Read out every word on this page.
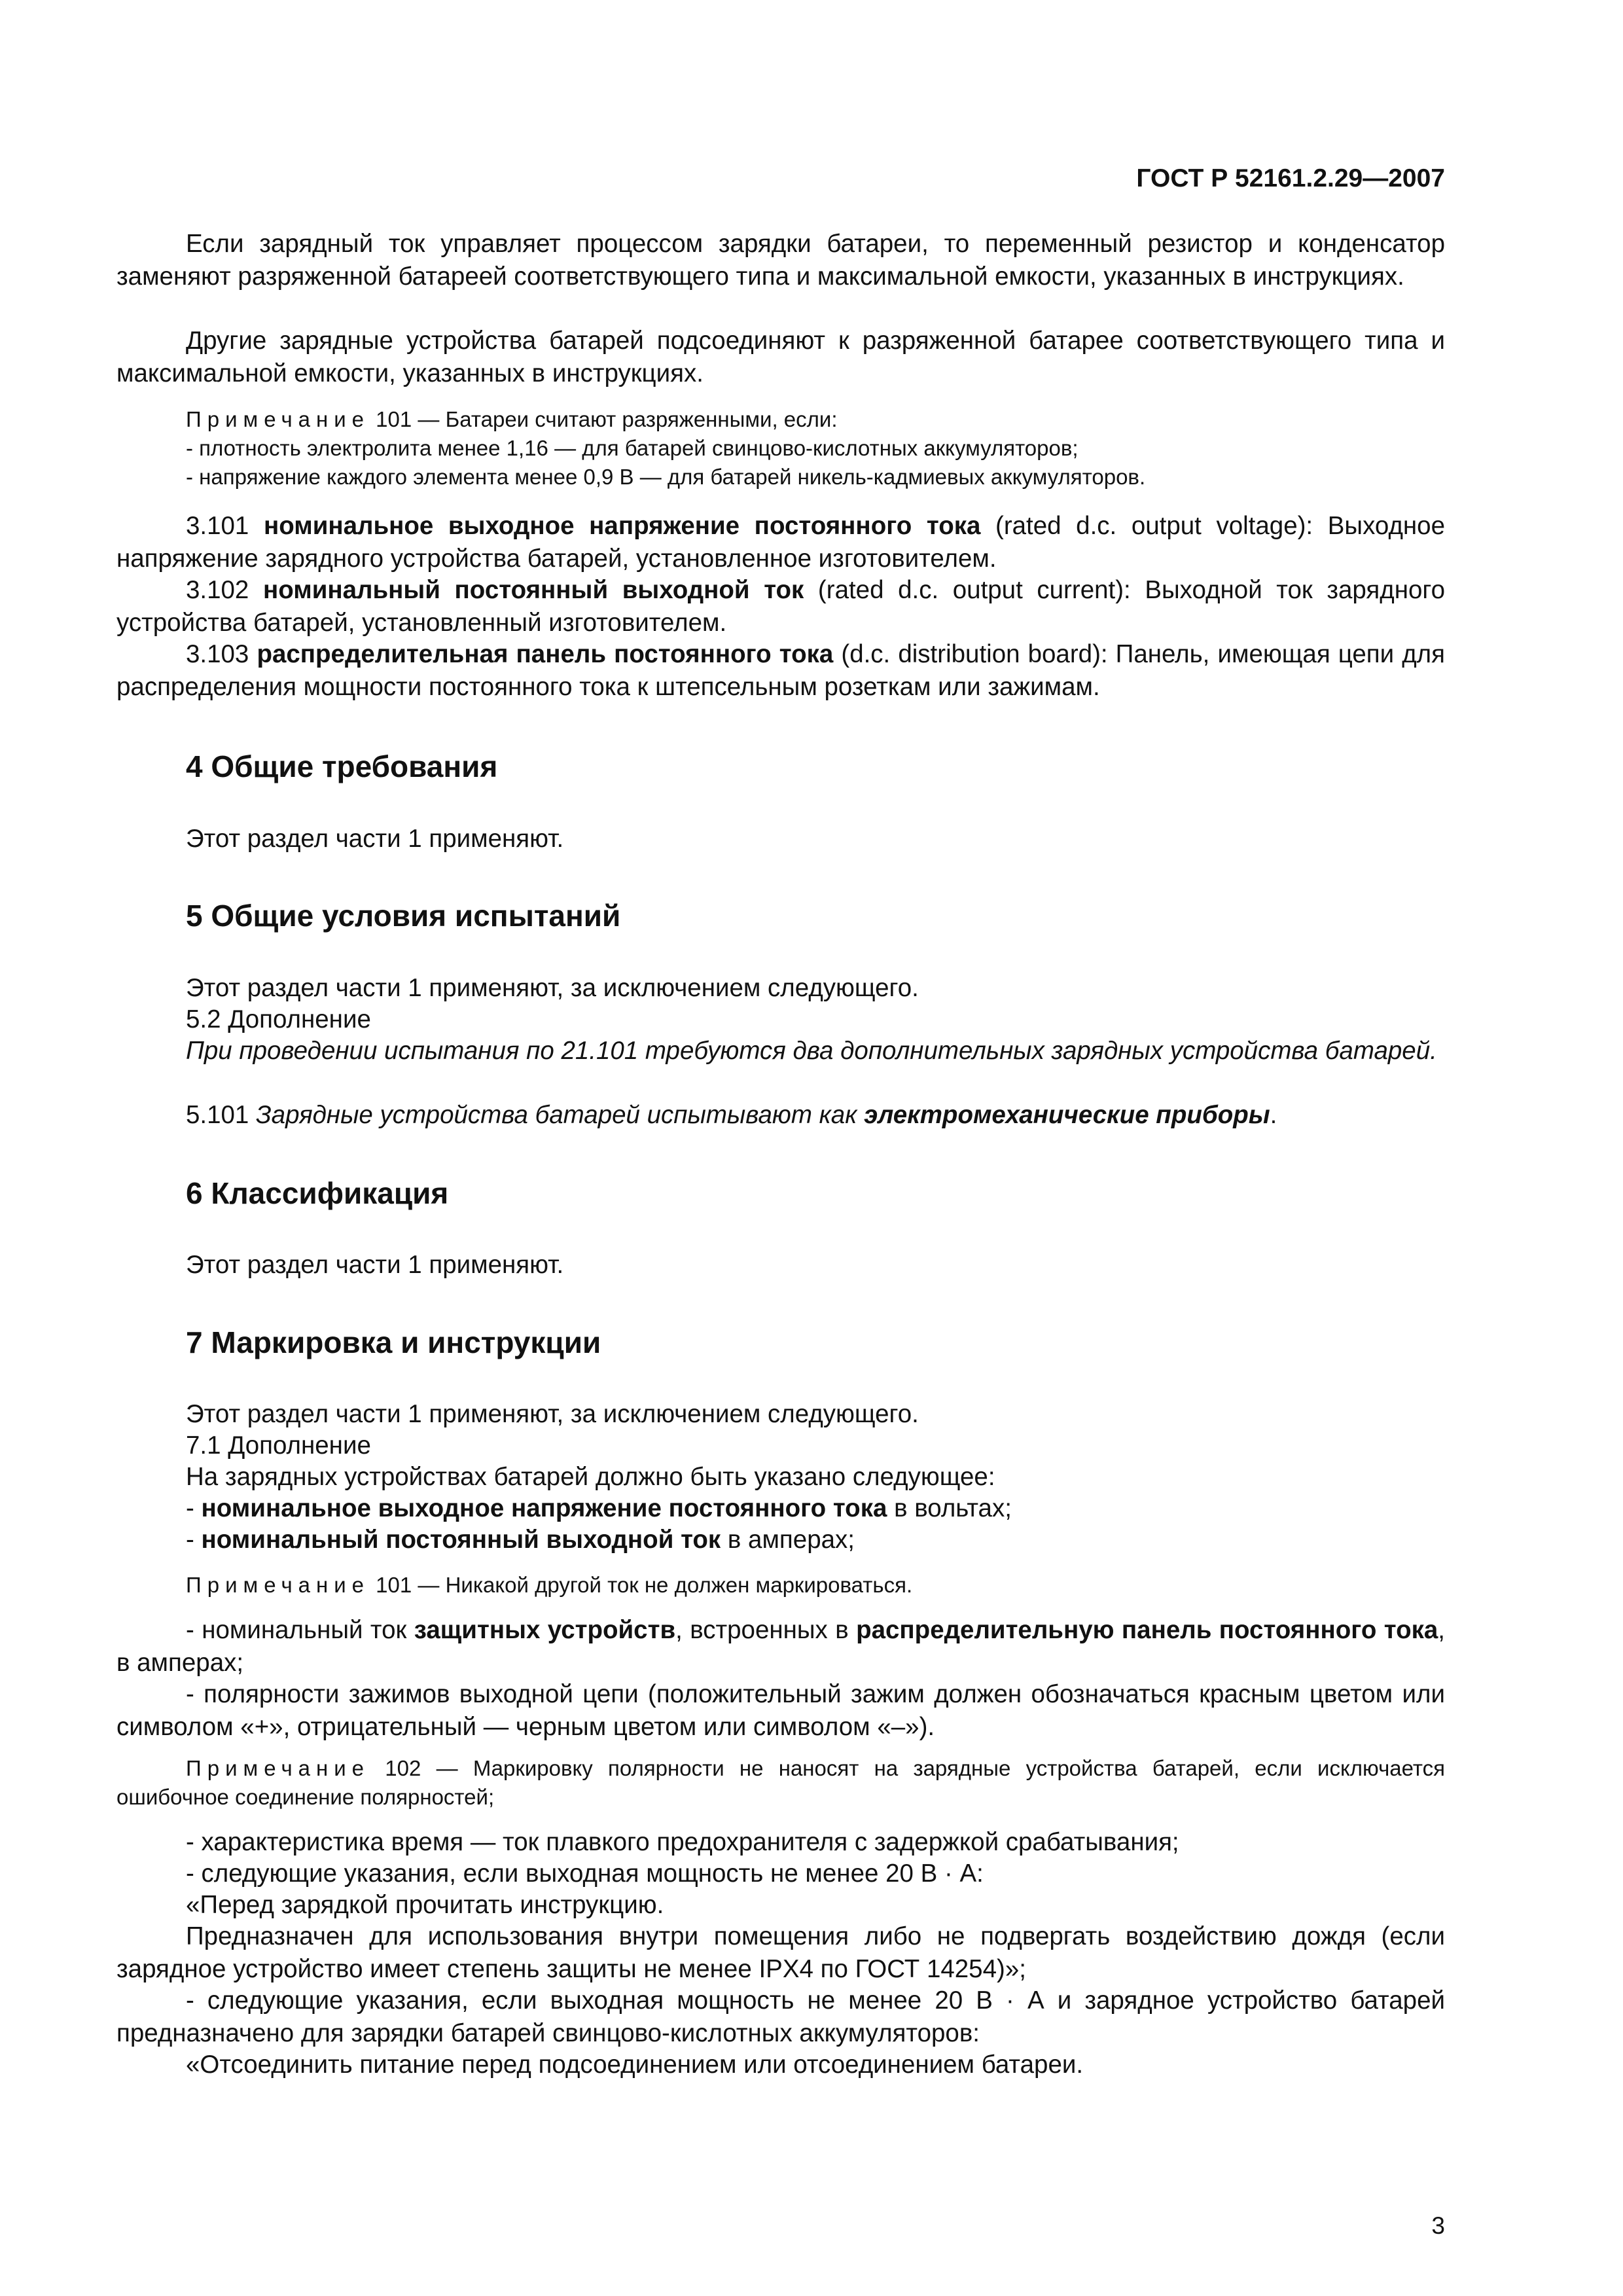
ГОСТ Р 52161.2.29—2007

Если зарядный ток управляет процессом зарядки батареи, то переменный резистор и конденсатор заменяют разряженной батареей соответствующего типа и максимальной емкости, указанных в инструкциях.

Другие зарядные устройства батарей подсоединяют к разряженной батарее соответствующего типа и максимальной емкости, указанных в инструкциях.

Примечание 101 — Батареи считают разряженными, если:

- плотность электролита менее 1,16 — для батарей свинцово-кислотных аккумуляторов;

- напряжение каждого элемента менее 0,9 В — для батарей никель-кадмиевых аккумуляторов.

3.101 номинальное выходное напряжение постоянного тока (rated d.c. output voltage): Выходное напряжение зарядного устройства батарей, установленное изготовителем.

3.102 номинальный постоянный выходной ток (rated d.c. output current): Выходной ток зарядного устройства батарей, установленный изготовителем.

3.103 распределительная панель постоянного тока (d.c. distribution board): Панель, имеющая цепи для распределения мощности постоянного тока к штепсельным розеткам или зажимам.

4 Общие требования

Этот раздел части 1 применяют.

5 Общие условия испытаний

Этот раздел части 1 применяют, за исключением следующего.

5.2 Дополнение

При проведении испытания по 21.101 требуются два дополнительных зарядных устройства батарей.

5.101 Зарядные устройства батарей испытывают как электромеханические приборы.

6 Классификация

Этот раздел части 1 применяют.

7 Маркировка и инструкции

Этот раздел части 1 применяют, за исключением следующего.

7.1 Дополнение

На зарядных устройствах батарей должно быть указано следующее:

- номинальное выходное напряжение постоянного тока в вольтах;

- номинальный постоянный выходной ток в амперах;

Примечание 101 — Никакой другой ток не должен маркироваться.

- номинальный ток защитных устройств, встроенных в распределительную панель постоянного тока, в амперах;

- полярности зажимов выходной цепи (положительный зажим должен обозначаться красным цветом или символом «+», отрицательный — черным цветом или символом «–»).

Примечание 102 — Маркировку полярности не наносят на зарядные устройства батарей, если исключается ошибочное соединение полярностей;

- характеристика время — ток плавкого предохранителя с задержкой срабатывания;

- следующие указания, если выходная мощность не менее 20 В · А:

«Перед зарядкой прочитать инструкцию.

Предназначен для использования внутри помещения либо не подвергать воздействию дождя (если зарядное устройство имеет степень защиты не менее IPX4 по ГОСТ 14254)»;

- следующие указания, если выходная мощность не менее 20 В · А и зарядное устройство батарей предназначено для зарядки батарей свинцово-кислотных аккумуляторов:

«Отсоединить питание перед подсоединением или отсоединением батареи.

3
